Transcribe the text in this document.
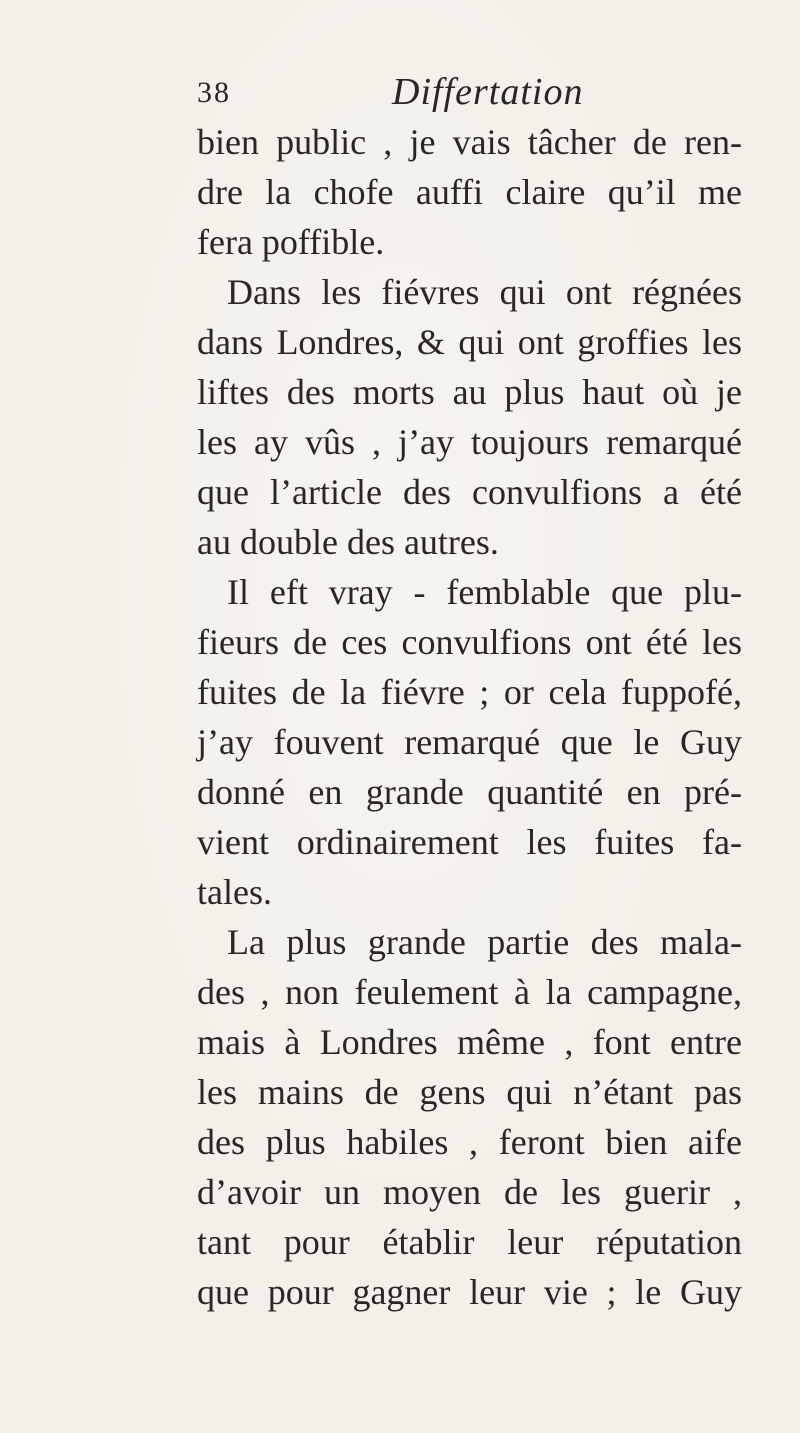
38	Differtation
bien public , je vais tâcher de ren-
dre la chofe auffi claire qu’il me
fera poffible.
Dans les fiévres qui ont régnées
dans Londres, & qui ont groffies les
liftes des morts au plus haut où je
les ay vûs , j’ay toujours remarqué
que l’article des convulfions a été
au double des autres.
Il eft vray - femblable que plu-
fieurs de ces convulfions ont été les
fuites de la fiévre ; or cela fuppofé,
j’ay fouvent remarqué que le Guy
donné en grande quantité en pré-
vient ordinairement les fuites fa-
tales.
La plus grande partie des mala-
des , non feulement à la campagne,
mais à Londres même , font entre
les mains de gens qui n’étant pas
des plus habiles , feront bien aife
d’avoir un moyen de les guerir ,
tant pour établir leur réputation
que pour gagner leur vie ; le Guy
